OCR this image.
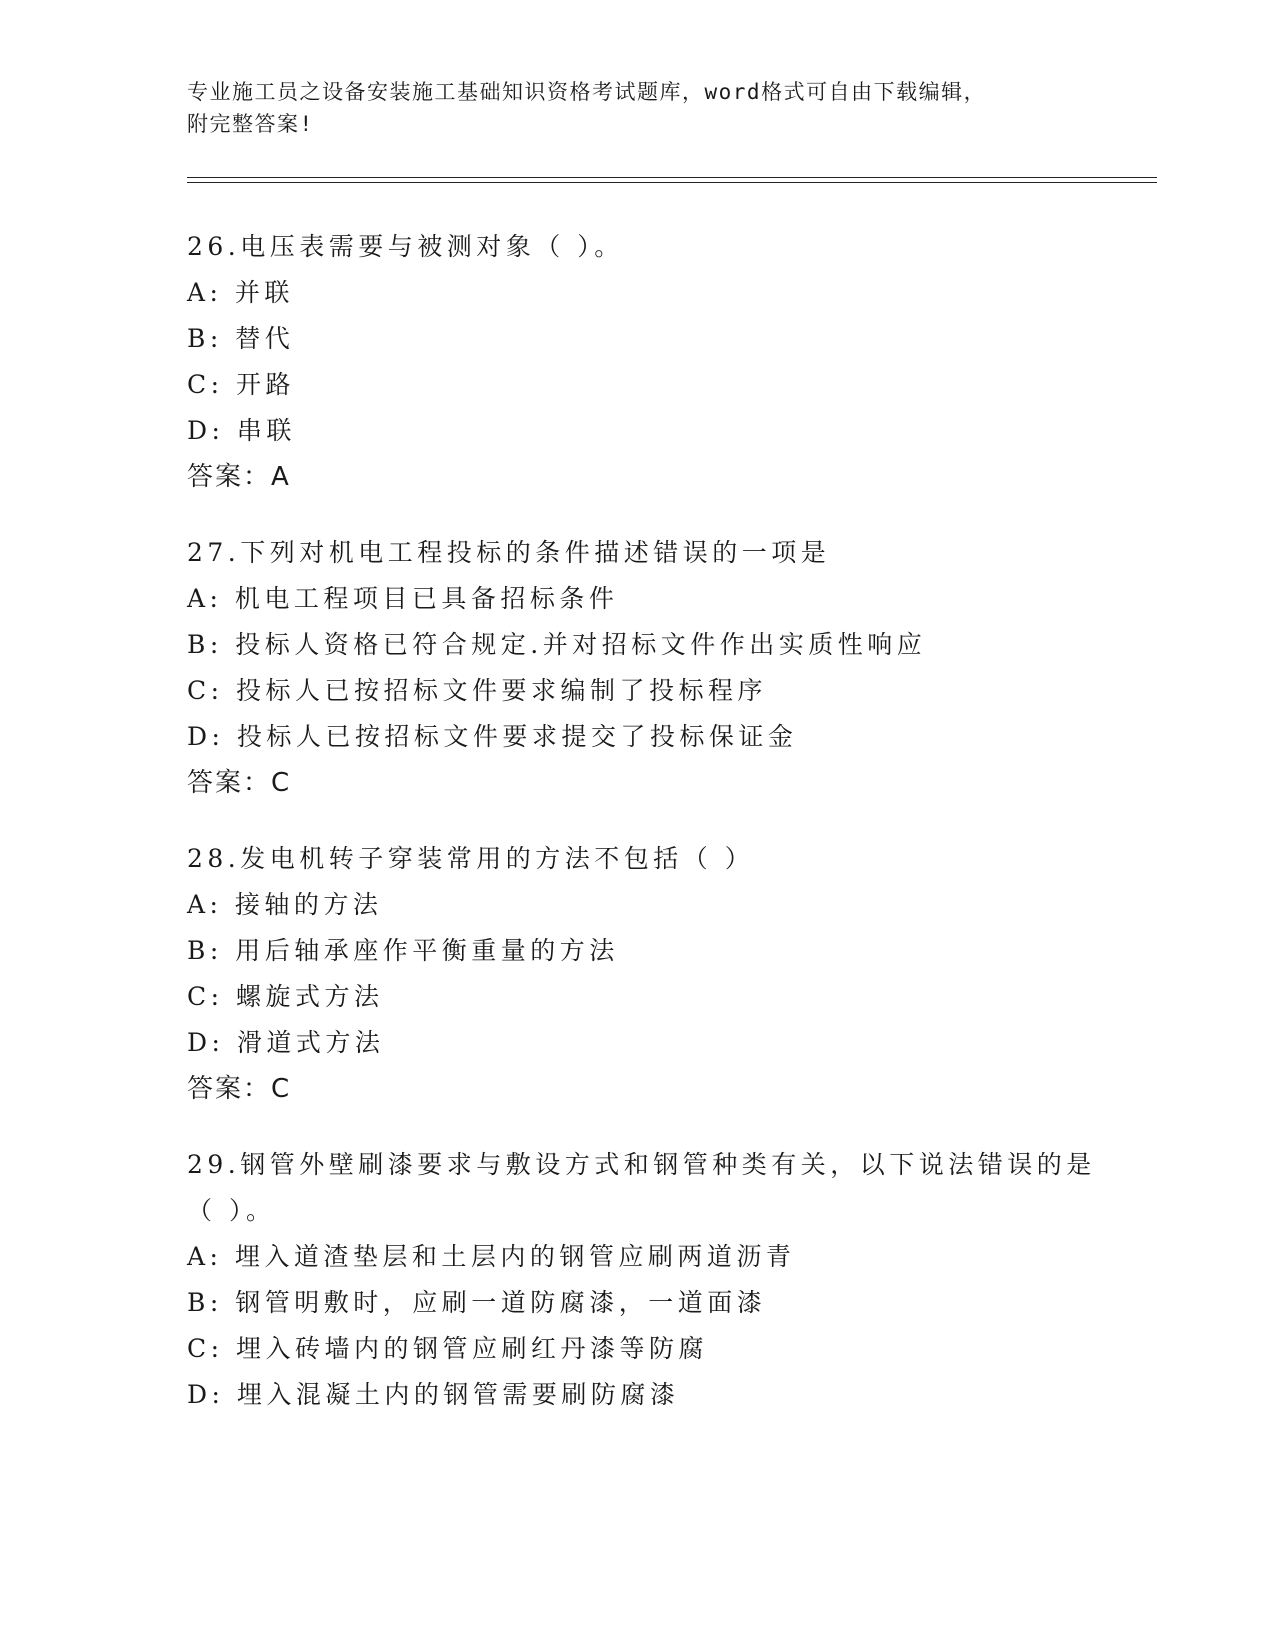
专业施工员之设备安装施工基础知识资格考试题库，word格式可自由下载编辑，
附完整答案!
26.电压表需要与被测对象（ ）。
A: 并联
B: 替代
C: 开路
D: 串联
答案：A
27.下列对机电工程投标的条件描述错误的一项是
A: 机电工程项目已具备招标条件
B: 投标人资格已符合规定.并对招标文件作出实质性响应
C: 投标人已按招标文件要求编制了投标程序
D: 投标人已按招标文件要求提交了投标保证金
答案：C
28.发电机转子穿装常用的方法不包括（ ）
A: 接轴的方法
B: 用后轴承座作平衡重量的方法
C: 螺旋式方法
D: 滑道式方法
答案：C
29.钢管外壁刷漆要求与敷设方式和钢管种类有关，以下说法错误的是
（ ）。
A: 埋入道渣垫层和土层内的钢管应刷两道沥青
B: 钢管明敷时，应刷一道防腐漆，一道面漆
C: 埋入砖墙内的钢管应刷红丹漆等防腐
D: 埋入混凝土内的钢管需要刷防腐漆
